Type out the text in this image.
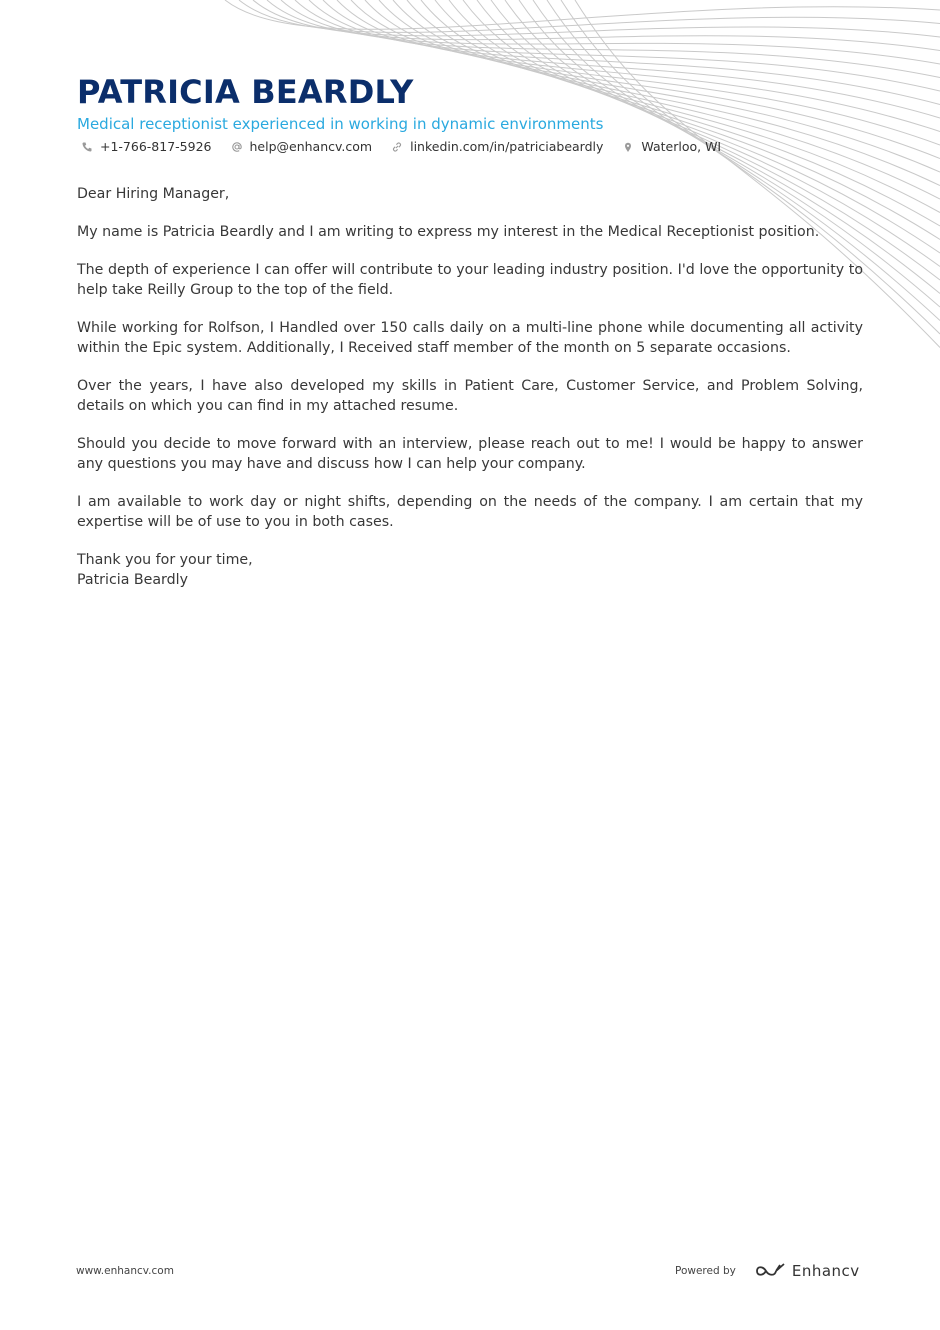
PATRICIA BEARDLY
Medical receptionist experienced in working in dynamic environments
+1-766-817-5926	help@enhancv.com	linkedin.com/in/patriciabeardly	Waterloo, WI

Dear Hiring Manager,

My name is Patricia Beardly and I am writing to express my interest in the Medical Receptionist position.

The depth of experience I can offer will contribute to your leading industry position. I'd love the opportunity to help take Reilly Group to the top of the field.

While working for Rolfson, I Handled over 150 calls daily on a multi-line phone while documenting all activity within the Epic system. Additionally, I Received staff member of the month on 5 separate occasions.

Over the years, I have also developed my skills in Patient Care, Customer Service, and Problem Solving, details on which you can find in my attached resume.

Should you decide to move forward with an interview, please reach out to me! I would be happy to answer any questions you may have and discuss how I can help your company.

I am available to work day or night shifts, depending on the needs of the company. I am certain that my expertise will be of use to you in both cases.

Thank you for your time,

Patricia Beardly

www.enhancv.com	Powered by	Enhancv
